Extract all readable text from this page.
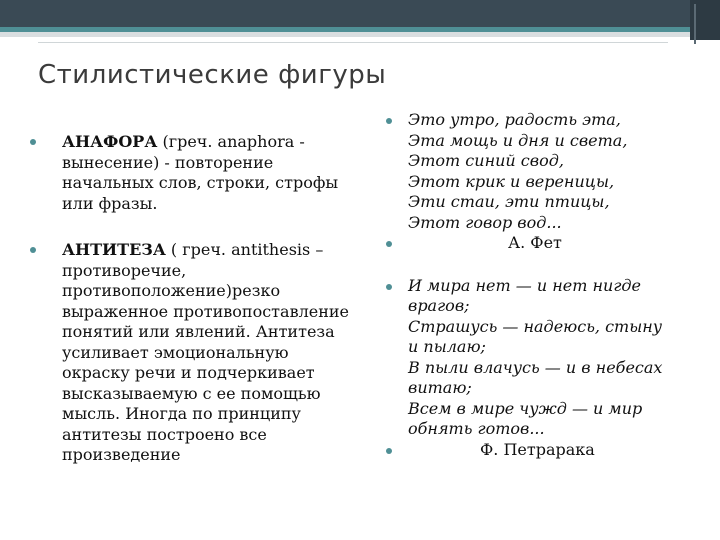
Стилистические фигуры
АНАФОРА (греч. anaphora - вынесение) - повторение начальных слов, строки, строфы или фразы.
АНТИТЕЗА ( греч. antithesis – противоречие, противоположение)резко выраженное противопоставление понятий или явлений. Антитеза усиливает эмоциональную окраску речи и подчеркивает высказываемую с ее помощью мысль. Иногда по принципу антитезы построено все произведение
Это утро, радость эта,
Эта мощь и дня и света,
Этот синий свод,
Этот крик и вереницы,
Эти стаи, эти птицы,
Этот говор вод...
А. Фет
И мира нет — и нет нигде
врагов;
Страшусь — надеюсь, стыну
и пылаю;
В пыли влачусь — и в небесах
витаю;
Всем в мире чужд — и мир
обнять готов...
Ф. Петрарака
